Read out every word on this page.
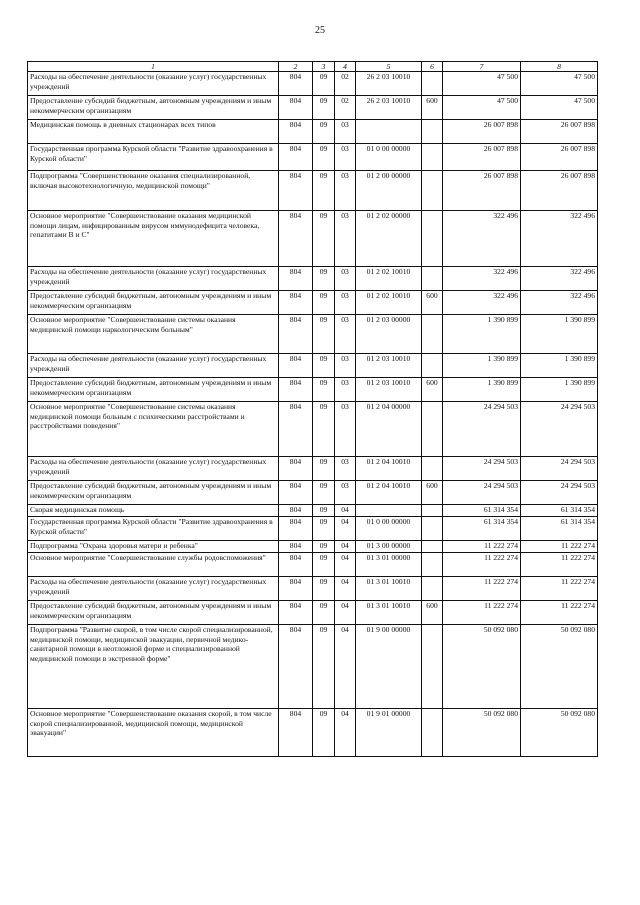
25
1	2	3	4	5	6	7	8
Расходы на обеспечение деятельности (оказание услуг) государственных учреждений	804	09	02	26 2 03 10010		47 500	47 500
Предоставление субсидий бюджетным, автономным учреждениям и иным некоммерческим организациям	804	09	02	26 2 03 10010	600	47 500	47 500
Медицинская помощь в дневных стационарах всех типов	804	09	03			26 007 898	26 007 898
Государственная программа Курской области "Развитие здравоохранения в Курской области"	804	09	03	01 0 00 00000		26 007 898	26 007 898
Подпрограмма "Совершенствование оказания специализированной, включая высокотехнологичную, медицинской помощи"	804	09	03	01 2 00 00000		26 007 898	26 007 898
Основное мероприятие "Совершенствование оказания медицинской помощи лицам, инфицированным вирусом иммунодефицита человека, гепатитами B и C"	804	09	03	01 2 02 00000		322 496	322 496
Расходы на обеспечение деятельности (оказание услуг) государственных учреждений	804	09	03	01 2 02 10010		322 496	322 496
Предоставление субсидий бюджетным, автономным учреждениям и иным некоммерческим организациям	804	09	03	01 2 02 10010	600	322 496	322 496
Основное мероприятие "Совершенствование системы оказания медицинской помощи наркологическим больным"	804	09	03	01 2 03 00000		1 390 899	1 390 899
Расходы на обеспечение деятельности (оказание услуг) государственных учреждений	804	09	03	01 2 03 10010		1 390 899	1 390 899
Предоставление субсидий бюджетным, автономным учреждениям и иным некоммерческим организациям	804	09	03	01 2 03 10010	600	1 390 899	1 390 899
Основное мероприятие "Совершенствование системы оказания медицинской помощи больным с психическими расстройствами и расстройствами поведения"	804	09	03	01 2 04 00000		24 294 503	24 294 503
Расходы на обеспечение деятельности (оказание услуг) государственных учреждений	804	09	03	01 2 04 10010		24 294 503	24 294 503
Предоставление субсидий бюджетным, автономным учреждениям и иным некоммерческим организациям	804	09	03	01 2 04 10010	600	24 294 503	24 294 503
Скорая медицинская помощь	804	09	04			61 314 354	61 314 354
Государственная программа Курской области "Развитие здравоохранения в Курской области"	804	09	04	01 0 00 00000		61 314 354	61 314 354
Подпрограмма "Охрана здоровья матери и ребенка"	804	09	04	01 3 00 00000		11 222 274	11 222 274
Основное мероприятие "Совершенствование службы родовспоможения"	804	09	04	01 3 01 00000		11 222 274	11 222 274
Расходы на обеспечение деятельности (оказание услуг) государственных учреждений	804	09	04	01 3 01 10010		11 222 274	11 222 274
Предоставление субсидий бюджетным, автономным учреждениям и иным некоммерческим организациям	804	09	04	01 3 01 10010	600	11 222 274	11 222 274
Подпрограмма "Развитие скорой, в том числе скорой специализированной, медицинской помощи, медицинской эвакуации, первичной медико-санитарной помощи в неотложной форме и специализированной медицинской помощи в экстренной форме"	804	09	04	01 9 00 00000		50 092 080	50 092 080
Основное мероприятие "Совершенствование оказания скорой, в том числе скорой специализированной, медицинской помощи, медицинской эвакуации"	804	09	04	01 9 01 00000		50 092 080	50 092 080
